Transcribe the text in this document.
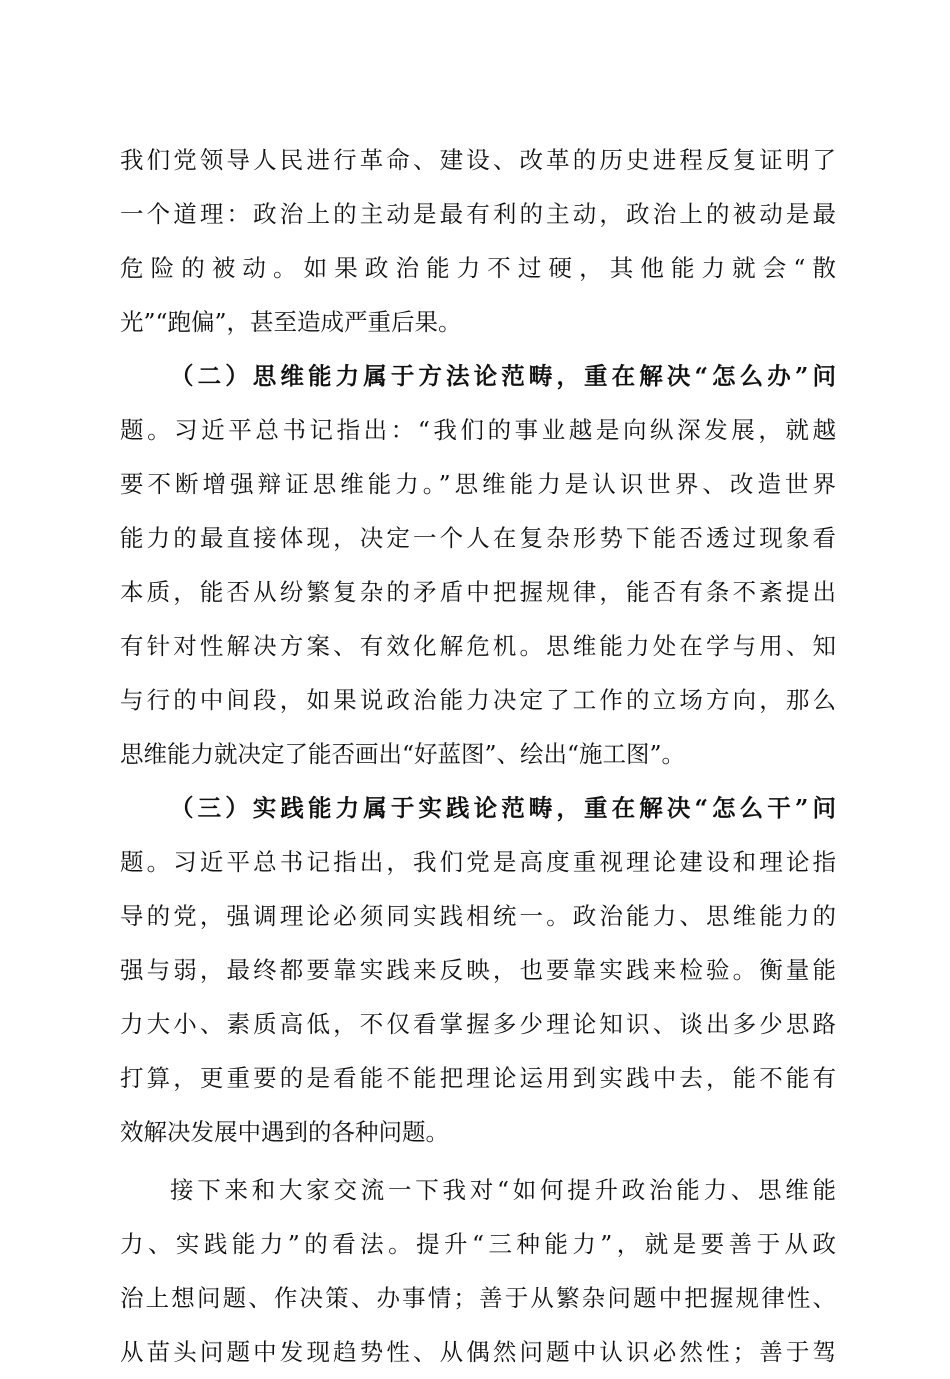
我们党领导人民进行革命、建设、改革的历史进程反复证明了
一个道理：政治上的主动是最有利的主动，政治上的被动是最
危险的被动。如果政治能力不过硬，其他能力就会“散
光”“跑偏”，甚至造成严重后果。
（二）思维能力属于方法论范畴，重在解决“怎么办”问
题。习近平总书记指出：“我们的事业越是向纵深发展，就越
要不断增强辩证思维能力。”思维能力是认识世界、改造世界
能力的最直接体现，决定一个人在复杂形势下能否透过现象看
本质，能否从纷繁复杂的矛盾中把握规律，能否有条不紊提出
有针对性解决方案、有效化解危机。思维能力处在学与用、知
与行的中间段，如果说政治能力决定了工作的立场方向，那么
思维能力就决定了能否画出“好蓝图”、绘出“施工图”。
（三）实践能力属于实践论范畴，重在解决“怎么干”问
题。习近平总书记指出，我们党是高度重视理论建设和理论指
导的党，强调理论必须同实践相统一。政治能力、思维能力的
强与弱，最终都要靠实践来反映，也要靠实践来检验。衡量能
力大小、素质高低，不仅看掌握多少理论知识、谈出多少思路
打算，更重要的是看能不能把理论运用到实践中去，能不能有
效解决发展中遇到的各种问题。
接下来和大家交流一下我对“如何提升政治能力、思维能
力、实践能力”的看法。提升“三种能力”，就是要善于从政
治上想问题、作决策、办事情；善于从繁杂问题中把握规律性、
从苗头问题中发现趋势性、从偶然问题中认识必然性；善于驾
